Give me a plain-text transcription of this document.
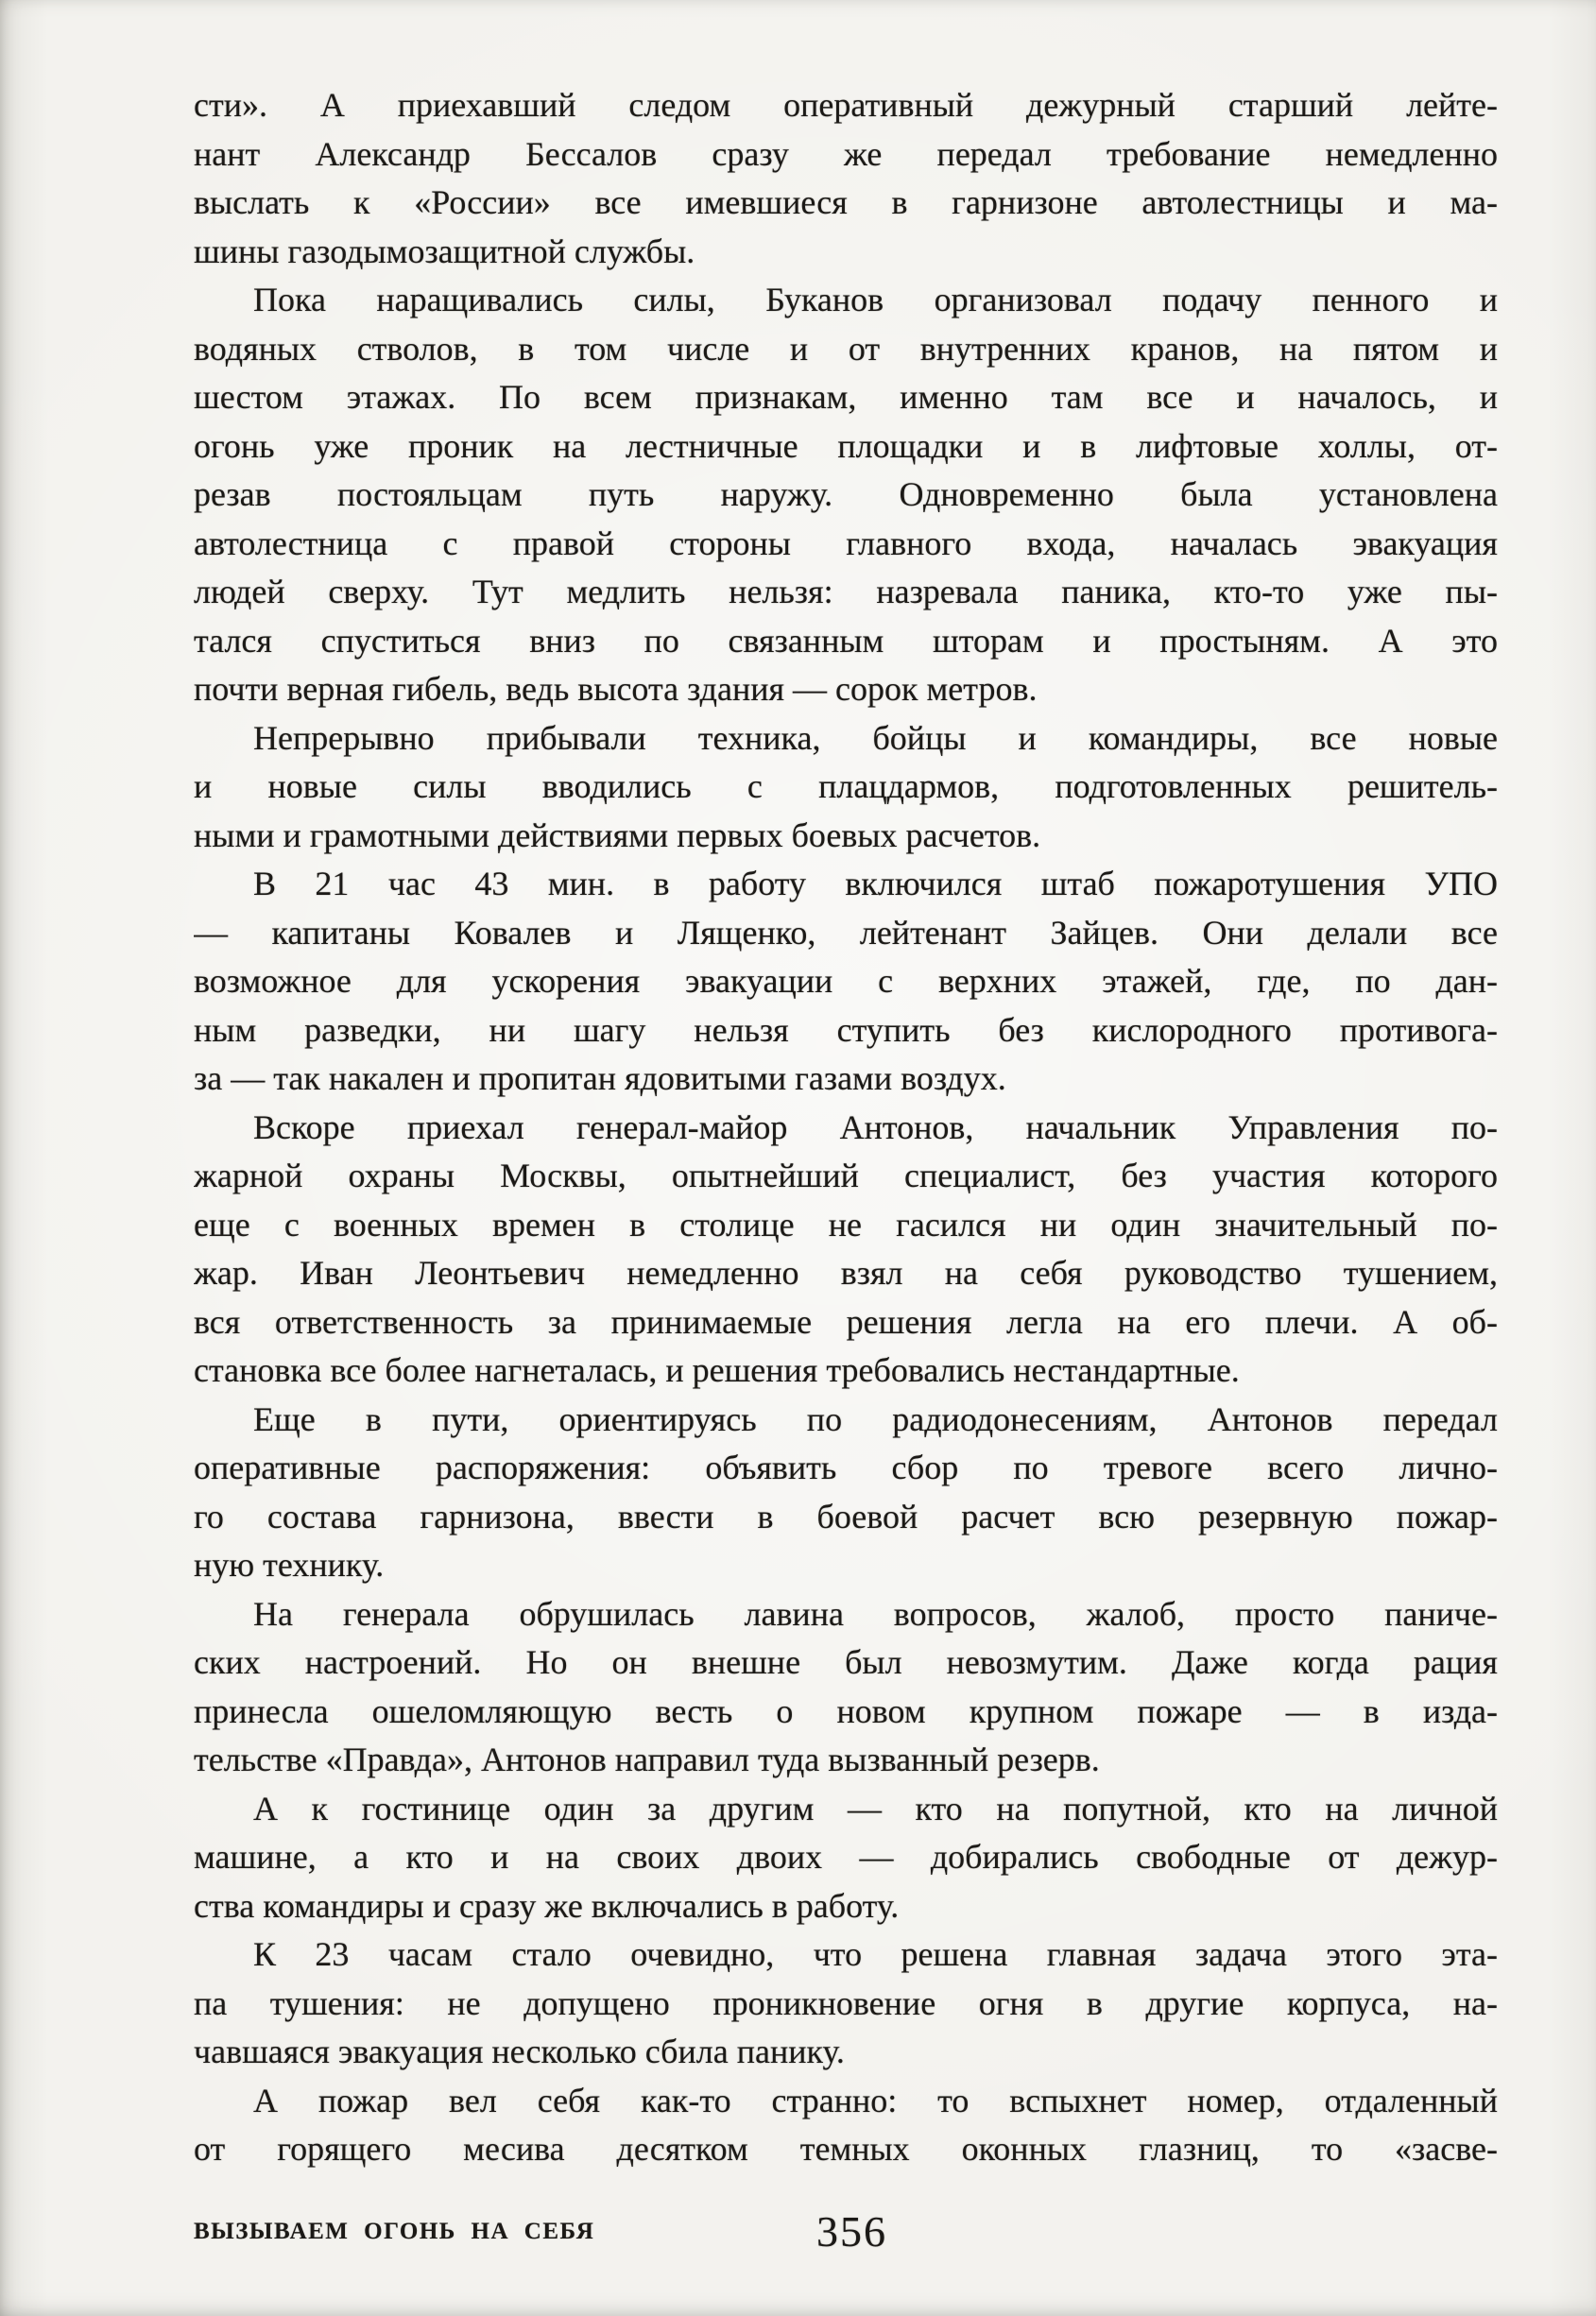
сти». А приехавший следом оперативный дежурный старший лейте-
нант Александр Бессалов сразу же передал требование немедленно
выслать к «России» все имевшиеся в гарнизоне автолестницы и ма-
шины газодымозащитной службы.
Пока наращивались силы, Буканов организовал подачу пенного и
водяных стволов, в том числе и от внутренних кранов, на пятом и
шестом этажах. По всем признакам, именно там все и началось, и
огонь уже проник на лестничные площадки и в лифтовые холлы, от-
резав постояльцам путь наружу. Одновременно была установлена
автолестница с правой стороны главного входа, началась эвакуация
людей сверху. Тут медлить нельзя: назревала паника, кто-то уже пы-
тался спуститься вниз по связанным шторам и простыням. А это
почти верная гибель, ведь высота здания — сорок метров.
Непрерывно прибывали техника, бойцы и командиры, все новые
и новые силы вводились с плацдармов, подготовленных решитель-
ными и грамотными действиями первых боевых расчетов.
В 21 час 43 мин. в работу включился штаб пожаротушения УПО
— капитаны Ковалев и Лященко, лейтенант Зайцев. Они делали все
возможное для ускорения эвакуации с верхних этажей, где, по дан-
ным разведки, ни шагу нельзя ступить без кислородного противога-
за — так накален и пропитан ядовитыми газами воздух.
Вскоре приехал генерал-майор Антонов, начальник Управления по-
жарной охраны Москвы, опытнейший специалист, без участия которого
еще с военных времен в столице не гасился ни один значительный по-
жар. Иван Леонтьевич немедленно взял на себя руководство тушением,
вся ответственность за принимаемые решения легла на его плечи. А об-
становка все более нагнеталась, и решения требовались нестандартные.
Еще в пути, ориентируясь по радиодонесениям, Антонов передал
оперативные распоряжения: объявить сбор по тревоге всего лично-
го состава гарнизона, ввести в боевой расчет всю резервную пожар-
ную технику.
На генерала обрушилась лавина вопросов, жалоб, просто паниче-
ских настроений. Но он внешне был невозмутим. Даже когда рация
принесла ошеломляющую весть о новом крупном пожаре — в изда-
тельстве «Правда», Антонов направил туда вызванный резерв.
А к гостинице один за другим — кто на попутной, кто на личной
машине, а кто и на своих двоих — добирались свободные от дежур-
ства командиры и сразу же включались в работу.
К 23 часам стало очевидно, что решена главная задача этого эта-
па тушения: не допущено проникновение огня в другие корпуса, на-
чавшаяся эвакуация несколько сбила панику.
А пожар вел себя как-то странно: то вспыхнет номер, отдаленный
от горящего месива десятком темных оконных глазниц, то «засве-
ВЫЗЫВАЕМ ОГОНЬ НА СЕБЯ	356
